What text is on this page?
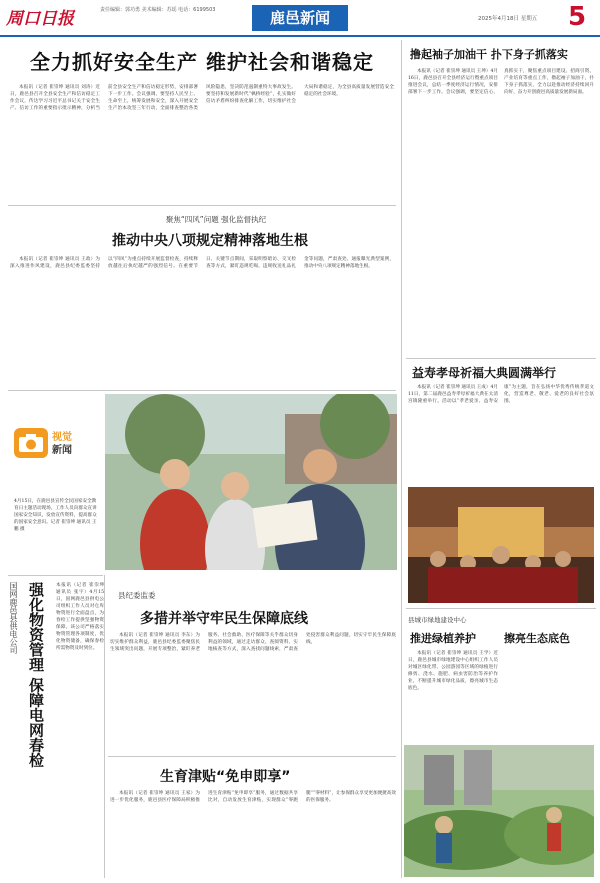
周口日报	责任编辑：郭功勇 美术编辑：苏瑶 电话：6199503	鹿邑新闻	2025年4月18日 星期五	5
全力抓好安全生产 维护社会和谐稳定
本报讯（记者 崔崇坤 通讯员 刘涛）近日，鹿邑县召开全县安全生产和信访稳定工作会议，传达学习习近平总书记关于安全生产、信访工作的重要指示批示精神，分析当前全县安全生产和信访稳定形势，安排部署下一步工作。会议强调，要坚持人民至上、生命至上，统筹发展和安全，深入开展安全生产治本攻坚三年行动，全面排查整治各类风险隐患，坚决防范遏制重特大事故发生。要坚持和发展新时代“枫桥经验”，扎实做好信访矛盾纠纷排查化解工作，切实维护社会大局和谐稳定，为全县高质量发展营造安全稳定的社会环境。
聚焦“四风”问题 强化监督执纪
推动中央八项规定精神落地生根
本报讯（记者 崔崇坤 通讯员 王政）为深入推进作风建设，鹿邑县纪委监委坚持以“四风”为重点持续开展监督检查，持续释放越往后执纪越严的强烈信号。在重要节日、关键节点期间，采取明察暗访、交叉检查等方式，紧盯违规吃喝、违规收送礼品礼金等问题，严肃查处、通报曝光典型案例，推动中央八项规定精神落地生根。
视觉
新闻
4月15日，在鹿邑县宣传全民国家安全教育日主题活动现场，工作人员向群众宣讲国家安全知识，发放宣传资料，提高群众的国家安全意识。记者 崔崇坤 通讯员 王鹏 摄
国网鹿邑县供电公司 强化物资管理 保障电网春检	本报讯（记者 崔崇坤 通讯员 张宇）4月15日，国网鹿邑县供电公司组织工作人员对仓库物资进行全面盘点，为春检工作提供坚强物资保障。该公司严格落实物资管理各项制度，优化物资储备，确保春检所需物资及时到位。
县纪委监委
多措并举守牢民生保障底线
本报讯（记者 崔崇坤 通讯员 李东）为切实维护群众利益，鹿邑县纪委监委聚焦民生领域突出问题，开展专项整治，紧盯养老服务、社会救助、医疗保障等关乎群众切身利益的领域，通过走访群众、查阅资料、实地核查等方式，深入查找问题线索，严肃查处侵害群众利益问题，切实守牢民生保障底线。
生育津贴“免申即享”
本报讯（记者 崔崇坤 通讯员 王家）为进一步优化服务，鹿邑县医疗保障局积极推进生育津贴“免申即享”服务，通过数据共享比对，自动发放生育津贴，实现群众“零跑腿”“零材料”，让参保群众享受更加便捷高效的医保服务。
撸起袖子加油干 扑下身子抓落实
本报讯（记者 崔崇坤 通讯员 王坤）4月16日，鹿邑县召开全县经济运行暨重点项目推进会议，总结一季度经济运行情况，安排部署下一步工作。会议强调，要坚定信心、真抓实干，聚焦重点项目建设、招商引资、产业培育等重点工作，撸起袖子加油干，扑下身子抓落实，全力以赴推动经济持续回升向好，奋力开创鹿邑高质量发展新局面。
益寿孝母祈福大典圆满举行
本报讯（记者 崔崇坤 通讯员 王成）4月11日，第二届鹿邑益寿孝母祈福大典在太清宫镇隆重举行。活动以“孝老爱亲、益寿安康”为主题，旨在弘扬中华优秀传统孝道文化，营造尊老、敬老、爱老的良好社会氛围。
县城市绿地建设中心
推进绿植养护	擦亮生态底色
本报讯（记者 崔崇坤 通讯员 王学）近日，鹿邑县城市绿地建设中心组织工作人员对城区绿化带、公园游园等区域的绿植进行修剪、浇水、施肥、病虫害防治等养护作业，不断提升城市绿化品质，擦亮城市生态底色。
